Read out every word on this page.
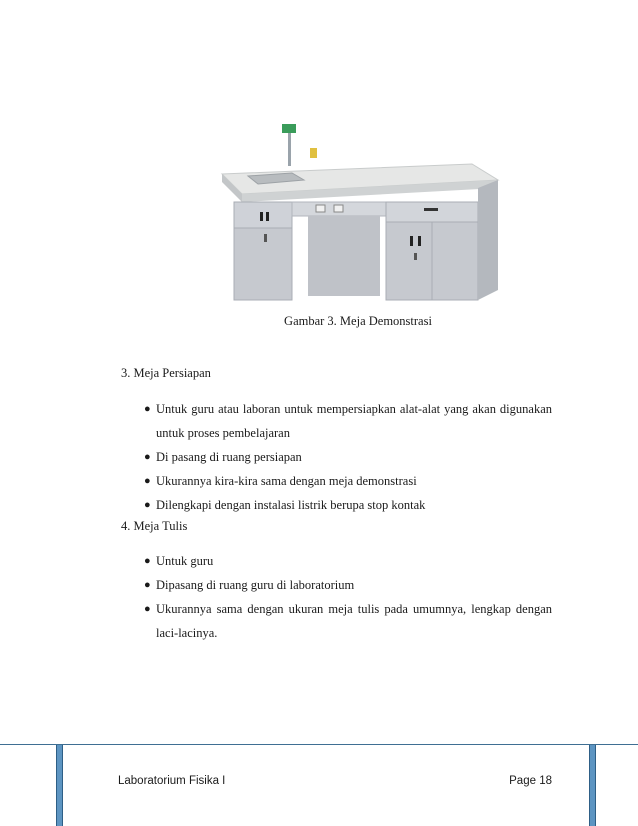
Gambar 3. Meja Demonstrasi
3. Meja Persiapan
● Untuk guru atau laboran untuk mempersiapkan alat-alat yang akan digunakan untuk proses pembelajaran
● Di pasang di ruang persiapan
● Ukurannya kira-kira sama dengan meja demonstrasi
● Dilengkapi dengan instalasi listrik berupa stop kontak
4. Meja Tulis
● Untuk guru
● Dipasang di ruang guru di laboratorium
● Ukurannya sama dengan ukuran meja tulis pada umumnya, lengkap dengan laci-lacinya.
Laboratorium Fisika I	Page 18
